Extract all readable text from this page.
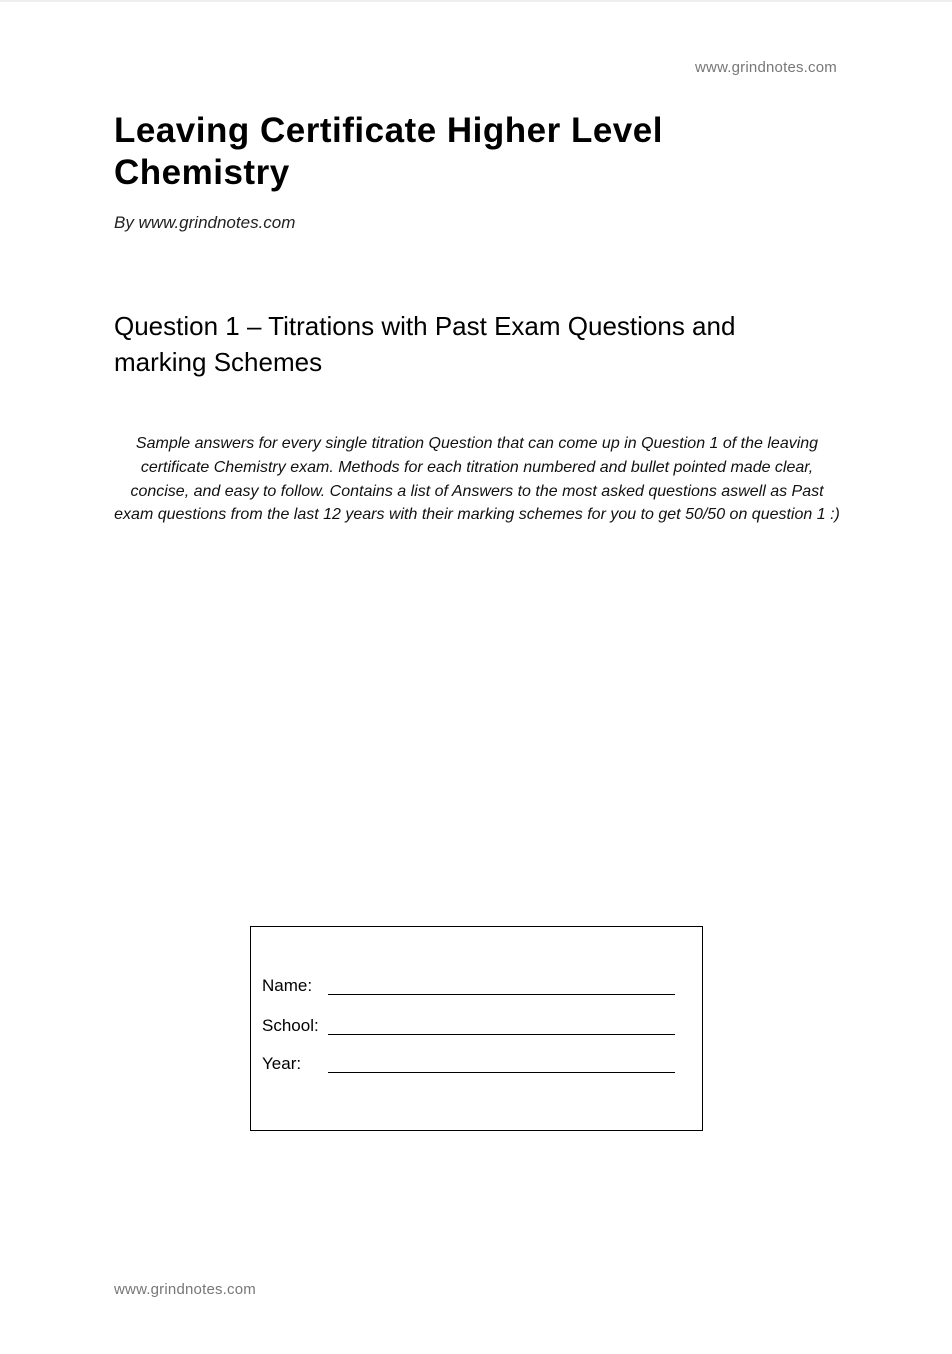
www.grindnotes.com
Leaving Certificate Higher Level Chemistry
By www.grindnotes.com
Question 1 – Titrations with Past Exam Questions and marking Schemes
Sample answers for every single titration Question that can come up in Question 1 of the leaving certificate Chemistry exam. Methods for each titration numbered and bullet pointed made clear, concise, and easy to follow. Contains a list of Answers to the most asked questions aswell as Past exam questions from the last 12 years with their marking schemes for you to get 50/50 on question 1 :)
Name:
School:
Year:
www.grindnotes.com
